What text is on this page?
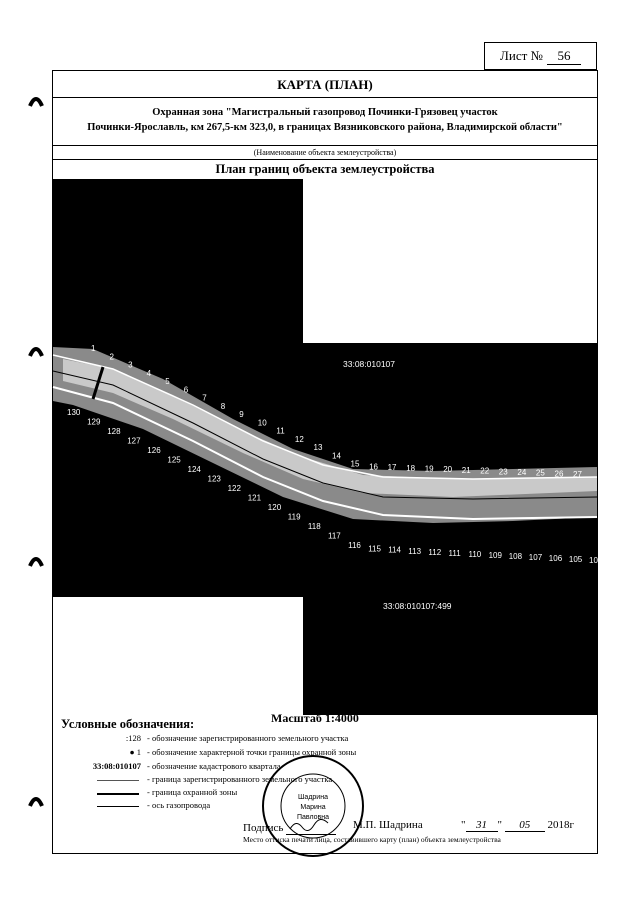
Лист №	56
КАРТА (ПЛАН)
Охранная зона "Магистральный газопровод Починки-Грязовец участок
Починки-Ярославль, км 267,5-км 323,0, в границах Вязниковского района, Владимирской области"
(Наименование объекта землеустройства)
План границ объекта землеустройства
1
2
3
4
5
6
7
8
9
10
11
12
13
14
15 16 17 18 19 20 21 22 23 24 25 26 27
130
129
128
127
126
125
124
123
122
121
120
119
118
117
116 115 114 113 112 111 110 109 108 107 106 105 104
33:08:010107
33:08:010107:499
Масштаб 1:4000
Условные обозначения:
:128 - обозначение зарегистрированного земельного участка
● 1 - обозначение характерной точки границы охранной зоны
33:08:010107 - обозначение кадастрового квартала
- граница зарегистрированного земельного участка
- граница охранной зоны
- ось газопровода
Шадрина
Марина
Павловна
Подпись	М.П. Шадрина	" 31 " 05 2018г
Место оттиска печати лица, составившего карту (план) объекта землеустройства
